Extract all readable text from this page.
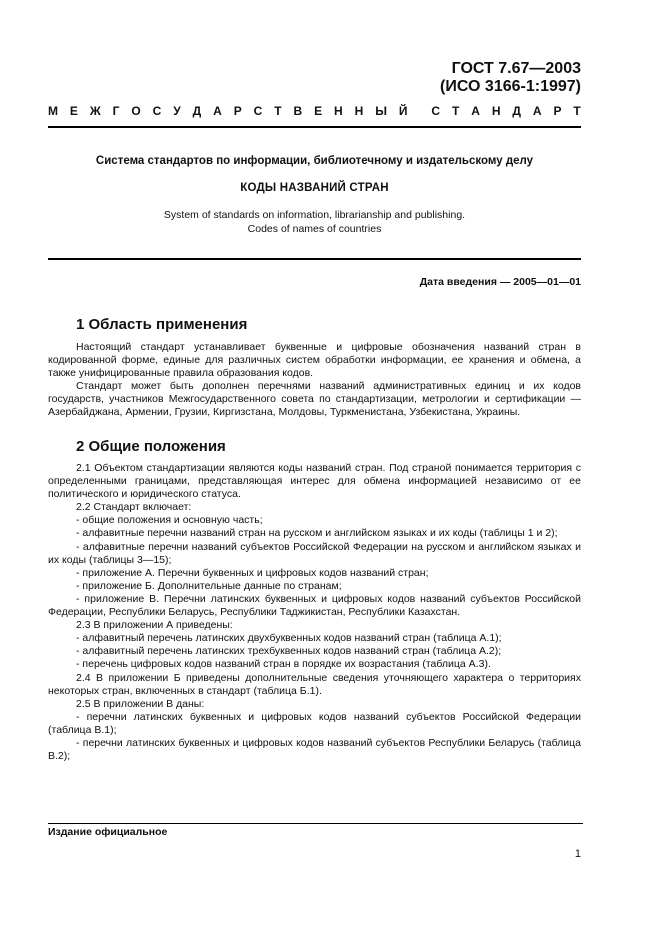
ГОСТ 7.67—2003
(ИСО 3166-1:1997)
М Е Ж Г О С У Д А Р С Т В Е Н Н Ы Й С Т А Н Д А Р Т
Система стандартов по информации, библиотечному и издательскому делу
КОДЫ НАЗВАНИЙ СТРАН
System of standards on information, librarianship and publishing.
Codes of names of countries
Дата введения — 2005—01—01
1 Область применения

Настоящий стандарт устанавливает буквенные и цифровые обозначения названий стран в кодированной форме, единые для различных систем обработки информации, ее хранения и обмена, а также унифицированные правила образования кодов.

Стандарт может быть дополнен перечнями названий административных единиц и их кодов государств, участников Межгосударственного совета по стандартизации, метрологии и сертификации — Азербайджана, Армении, Грузии, Киргизстана, Молдовы, Туркменистана, Узбекистана, Украины.

2 Общие положения

2.1 Объектом стандартизации являются коды названий стран. Под страной понимается территория с определенными границами, представляющая интерес для обмена информацией независимо от ее политического и юридического статуса.

2.2 Стандарт включает:

- общие положения и основную часть;

- алфавитные перечни названий стран на русском и английском языках и их коды (таблицы 1 и 2);

- алфавитные перечни названий субъектов Российской Федерации на русском и английском языках и их коды (таблицы 3—15);

- приложение А. Перечни буквенных и цифровых кодов названий стран;

- приложение Б. Дополнительные данные по странам;

- приложение В. Перечни латинских буквенных и цифровых кодов названий субъектов Российской Федерации, Республики Беларусь, Республики Таджикистан, Республики Казахстан.

2.3 В приложении А приведены:

- алфавитный перечень латинских двухбуквенных кодов названий стран (таблица А.1);

- алфавитный перечень латинских трехбуквенных кодов названий стран (таблица А.2);

- перечень цифровых кодов названий стран в порядке их возрастания (таблица А.3).

2.4 В приложении Б приведены дополнительные сведения уточняющего характера о территориях некоторых стран, включенных в стандарт (таблица Б.1).

2.5 В приложении В даны:

- перечни латинских буквенных и цифровых кодов названий субъектов Российской Федерации (таблица В.1);

- перечни латинских буквенных и цифровых кодов названий субъектов Республики Беларусь (таблица В.2);

Издание официальное
1
